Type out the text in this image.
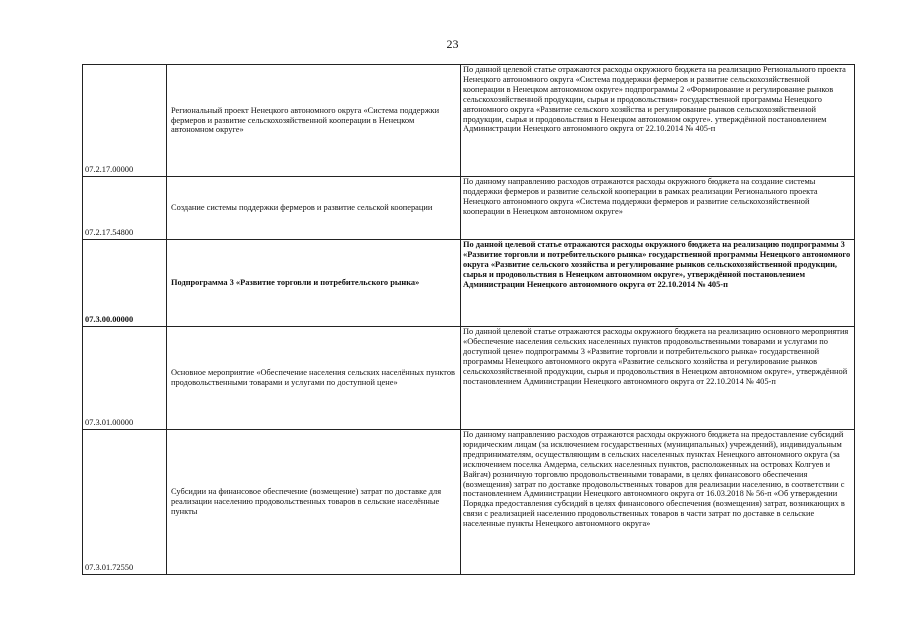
23
07.2.17.00000	Региональный проект Ненецкого автономного округа «Система поддержки фермеров и развитие сельскохозяйственной кооперации в Ненецком автономном округе»	По данной целевой статье отражаются расходы окружного бюджета на реализацию Регионального проекта Ненецкого автономного округа «Система поддержки фермеров и развитие сельскохозяйственной кооперации в Ненецком автономном округе» подпрограммы 2 «Формирование и регулирование рынков сельскохозяйственной продукции, сырья и продовольствия» государственной программы Ненецкого автономного округа «Развитие сельского хозяйства и регулирование рынков сельскохозяйственной продукции, сырья и продовольствия в Ненецком автономном округе». утверждённой постановлением Администрации Ненецкого автономного округа от 22.10.2014 № 405-п
07.2.17.54800	Создание системы поддержки фермеров и развитие сельской кооперации	По данному направлению расходов отражаются расходы окружного бюджета на создание системы поддержки фермеров и развитие сельской кооперации в рамках реализации Регионального проекта Ненецкого автономного округа «Система поддержки фермеров и развитие сельскохозяйственной кооперации в Ненецком автономном округе»
07.3.00.00000	Подпрограмма 3 «Развитие торговли и потребительского рынка»	По данной целевой статье отражаются расходы окружного бюджета на реализацию подпрограммы 3 «Развитие торговли и потребительского рынка» государственной программы Ненецкого автономного округа «Развитие сельского хозяйства и регулирование рынков сельскохозяйственной продукции, сырья и продовольствия в Ненецком автономном округе», утверждённой постановлением Администрации Ненецкого автономного округа от 22.10.2014 № 405-п
07.3.01.00000	Основное мероприятие «Обеспечение населения сельских населённых пунктов продовольственными товарами и услугами по доступной цене»	По данной целевой статье отражаются расходы окружного бюджета на реализацию основного мероприятия «Обеспечение населения сельских населенных пунктов продовольственными товарами и услугами по доступной цене» подпрограммы 3 «Развитие торговли и потребительского рынка» государственной программы Ненецкого автономного округа «Развитие сельского хозяйства и регулирование рынков сельскохозяйственной продукции, сырья и продовольствия в Ненецком автономном округе», утверждённой постановлением Администрации Ненецкого автономного округа от 22.10.2014 № 405-п
07.3.01.72550	Субсидии на финансовое обеспечение (возмещение) затрат по доставке для реализации населению продовольственных товаров в сельские населённые пункты	По данному направлению расходов отражаются расходы окружного бюджета на предоставление субсидий юридическим лицам (за исключением государственных (муниципальных) учреждений), индивидуальным предпринимателям, осуществляющим в сельских населенных пунктах Ненецкого автономного округа (за исключением поселка Амдерма, сельских населенных пунктов, расположенных на островах Колгуев и Вайгач) розничную торговлю продовольственными товарами, в целях финансового обеспечения (возмещения) затрат по доставке продовольственных товаров для реализации населению, в соответствии с постановлением Администрации Ненецкого автономного округа от 16.03.2018 № 56-п «Об утверждении Порядка предоставления субсидий в целях финансового обеспечения (возмещения) затрат, возникающих в связи с реализацией населению продовольственных товаров в части затрат по доставке в сельские населенные пункты Ненецкого автономного округа»
